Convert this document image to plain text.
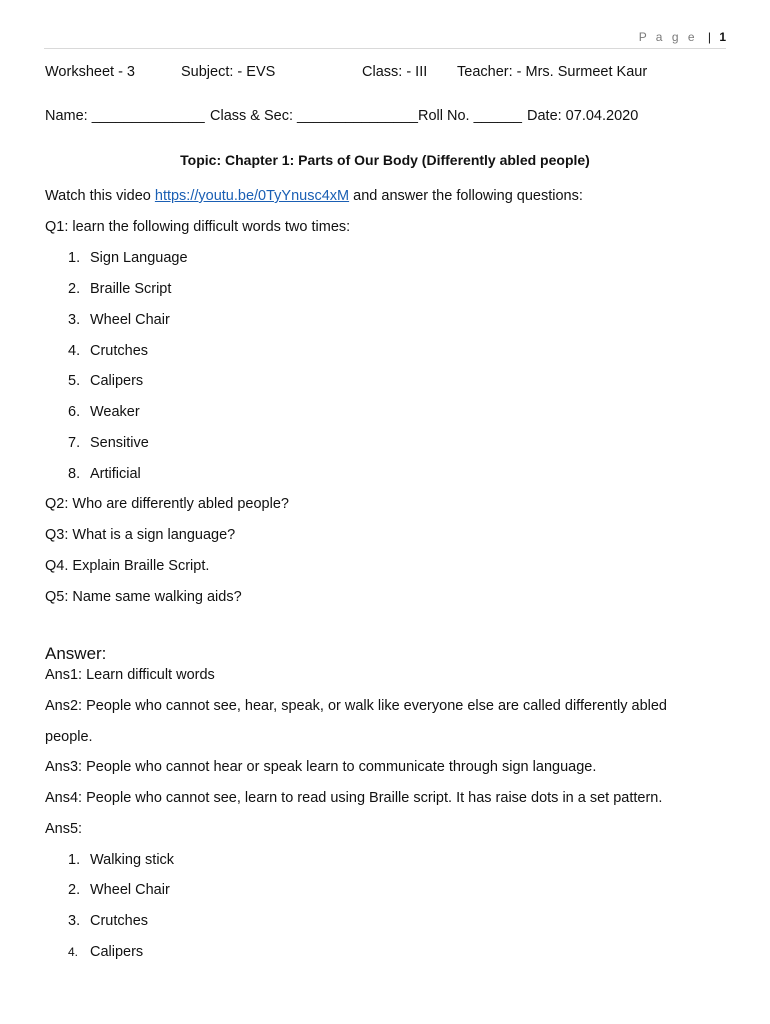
P a g e | 1
Worksheet - 3	Subject: - EVS	Class: - III Teacher: - Mrs. Surmeet Kaur
Name: ______________ Class & Sec: _______________ Roll No. ______ Date: 07.04.2020
Topic: Chapter 1: Parts of Our Body (Differently abled people)
Watch this video https://youtu.be/0TyYnusc4xM and answer the following questions:
Q1: learn the following difficult words two times:
1. Sign Language
2. Braille Script
3. Wheel Chair
4. Crutches
5. Calipers
6. Weaker
7. Sensitive
8. Artificial
Q2: Who are differently abled people?
Q3: What is a sign language?
Q4. Explain Braille Script.
Q5: Name same walking aids?
Answer:
Ans1: Learn difficult words
Ans2: People who cannot see, hear, speak, or walk like everyone else are called differently abled
people.
Ans3: People who cannot hear or speak learn to communicate through sign language.
Ans4: People who cannot see, learn to read using Braille script. It has raise dots in a set pattern.
Ans5:
1. Walking stick
2. Wheel Chair
3. Crutches
4. Calipers
